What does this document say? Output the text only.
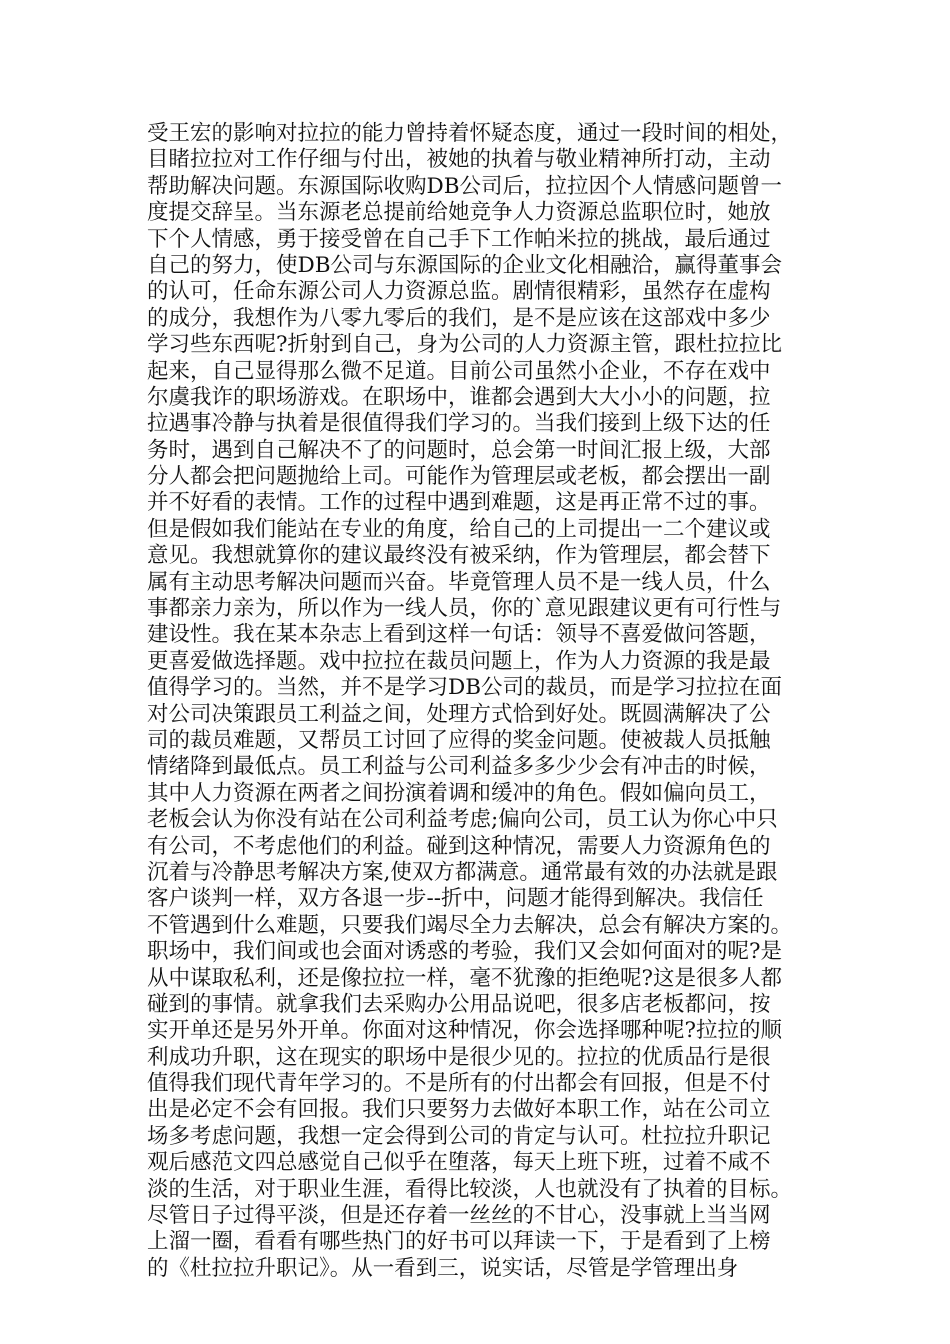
受王宏的影响对拉拉的能力曾持着怀疑态度，通过一段时间的相处，
目睹拉拉对工作仔细与付出，被她的执着与敬业精神所打动，主动
帮助解决问题。东源国际收购DB公司后，拉拉因个人情感问题曾一
度提交辞呈。当东源老总提前给她竞争人力资源总监职位时，她放
下个人情感，勇于接受曾在自己手下工作帕米拉的挑战，最后通过
自己的努力，使DB公司与东源国际的企业文化相融洽，赢得董事会
的认可，任命东源公司人力资源总监。剧情很精彩，虽然存在虚构
的成分，我想作为八零九零后的我们，是不是应该在这部戏中多少
学习些东西呢?折射到自己，身为公司的人力资源主管，跟杜拉拉比
起来，自己显得那么微不足道。目前公司虽然小企业，不存在戏中
尔虞我诈的职场游戏。在职场中，谁都会遇到大大小小的问题，拉
拉遇事冷静与执着是很值得我们学习的。当我们接到上级下达的任
务时，遇到自己解决不了的问题时，总会第一时间汇报上级，大部
分人都会把问题抛给上司。可能作为管理层或老板，都会摆出一副
并不好看的表情。工作的过程中遇到难题，这是再正常不过的事。
但是假如我们能站在专业的角度，给自己的上司提出一二个建议或
意见。我想就算你的建议最终没有被采纳，作为管理层，都会替下
属有主动思考解决问题而兴奋。毕竟管理人员不是一线人员，什么
事都亲力亲为，所以作为一线人员，你的`意见跟建议更有可行性与
建设性。我在某本杂志上看到这样一句话：领导不喜爱做问答题，
更喜爱做选择题。戏中拉拉在裁员问题上，作为人力资源的我是最
值得学习的。当然，并不是学习DB公司的裁员，而是学习拉拉在面
对公司决策跟员工利益之间，处理方式恰到好处。既圆满解决了公
司的裁员难题，又帮员工讨回了应得的奖金问题。使被裁人员抵触
情绪降到最低点。员工利益与公司利益多多少少会有冲击的时候，
其中人力资源在两者之间扮演着调和缓冲的角色。假如偏向员工，
老板会认为你没有站在公司利益考虑;偏向公司，员工认为你心中只
有公司，不考虑他们的利益。碰到这种情况，需要人力资源角色的
沉着与冷静思考解决方案,使双方都满意。通常最有效的办法就是跟
客户谈判一样，双方各退一步--折中，问题才能得到解决。我信任
不管遇到什么难题，只要我们竭尽全力去解决，总会有解决方案的。
职场中，我们间或也会面对诱惑的考验，我们又会如何面对的呢?是
从中谋取私利，还是像拉拉一样，毫不犹豫的拒绝呢?这是很多人都
碰到的事情。就拿我们去采购办公用品说吧，很多店老板都问，按
实开单还是另外开单。你面对这种情况，你会选择哪种呢?拉拉的顺
利成功升职，这在现实的职场中是很少见的。拉拉的优质品行是很
值得我们现代青年学习的。不是所有的付出都会有回报，但是不付
出是必定不会有回报。我们只要努力去做好本职工作，站在公司立
场多考虑问题，我想一定会得到公司的肯定与认可。杜拉拉升职记
观后感范文四总感觉自己似乎在堕落，每天上班下班，过着不咸不
淡的生活，对于职业生涯，看得比较淡，人也就没有了执着的目标。
尽管日子过得平淡，但是还存着一丝丝的不甘心，没事就上当当网
上溜一圈，看看有哪些热门的好书可以拜读一下，于是看到了上榜
的《杜拉拉升职记》。从一看到三，说实话，尽管是学管理出身
